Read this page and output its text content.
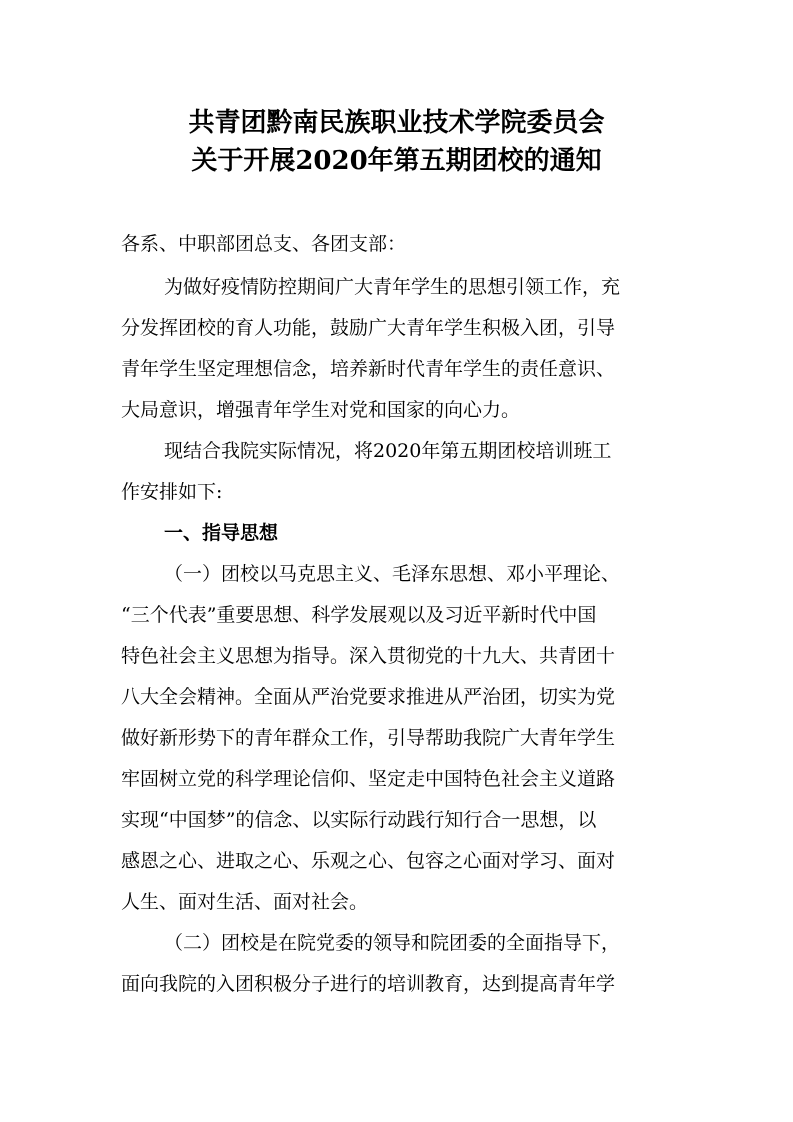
共青团黔南民族职业技术学院委员会
关于开展2020年第五期团校的通知
各系、中职部团总支、各团支部：
为做好疫情防控期间广大青年学生的思想引领工作，充
分发挥团校的育人功能，鼓励广大青年学生积极入团，引导
青年学生坚定理想信念，培养新时代青年学生的责任意识、
大局意识，增强青年学生对党和国家的向心力。
现结合我院实际情况，将2020年第五期团校培训班工
作安排如下:
一、指导思想
（一）团校以马克思主义、毛泽东思想、邓小平理论、
“三个代表”重要思想、科学发展观以及习近平新时代中国
特色社会主义思想为指导。深入贯彻党的十九大、共青团十
八大全会精神。全面从严治党要求推进从严治团，切实为党
做好新形势下的青年群众工作，引导帮助我院广大青年学生
牢固树立党的科学理论信仰、坚定走中国特色社会主义道路
实现“中国梦”的信念、以实际行动践行知行合一思想，以
感恩之心、进取之心、乐观之心、包容之心面对学习、面对
人生、面对生活、面对社会。
（二）团校是在院党委的领导和院团委的全面指导下，
面向我院的入团积极分子进行的培训教育，达到提高青年学
